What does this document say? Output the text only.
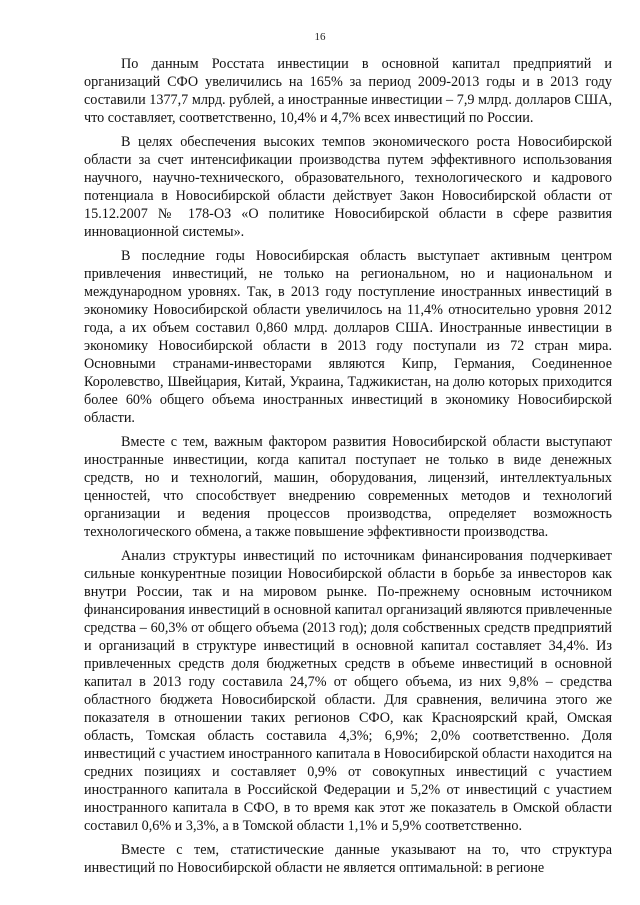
16

По данным Росстата инвестиции в основной капитал предприятий и организаций СФО увеличились на 165% за период 2009-2013 годы и в 2013 году составили 1377,7 млрд. рублей, а иностранные инвестиции – 7,9 млрд. долларов США, что составляет, соответственно, 10,4% и 4,7% всех инвестиций по России.

В целях обеспечения высоких темпов экономического роста Новосибирской области за счет интенсификации производства путем эффективного использования научного, научно-технического, образовательного, технологического и кадрового потенциала в Новосибирской области действует Закон Новосибирской области от 15.12.2007 № 178-ОЗ «О политике Новосибирской области в сфере развития инновационной системы».

В последние годы Новосибирская область выступает активным центром привлечения инвестиций, не только на региональном, но и национальном и международном уровнях. Так, в 2013 году поступление иностранных инвестиций в экономику Новосибирской области увеличилось на 11,4% относительно уровня 2012 года, а их объем составил 0,860 млрд. долларов США. Иностранные инвестиции в экономику Новосибирской области в 2013 году поступали из 72 стран мира. Основными странами-инвесторами являются Кипр, Германия, Соединенное Королевство, Швейцария, Китай, Украина, Таджикистан, на долю которых приходится более 60% общего объема иностранных инвестиций в экономику Новосибирской области.

Вместе с тем, важным фактором развития Новосибирской области выступают иностранные инвестиции, когда капитал поступает не только в виде денежных средств, но и технологий, машин, оборудования, лицензий, интеллектуальных ценностей, что способствует внедрению современных методов и технологий организации и ведения процессов производства, определяет возможность технологического обмена, а также повышение эффективности производства.

Анализ структуры инвестиций по источникам финансирования подчеркивает сильные конкурентные позиции Новосибирской области в борьбе за инвесторов как внутри России, так и на мировом рынке. По-прежнему основным источником финансирования инвестиций в основной капитал организаций являются привлеченные средства – 60,3% от общего объема (2013 год); доля собственных средств предприятий и организаций в структуре инвестиций в основной капитал составляет 34,4%. Из привлеченных средств доля бюджетных средств в объеме инвестиций в основной капитал в 2013 году составила 24,7% от общего объема, из них 9,8% – средства областного бюджета Новосибирской области. Для сравнения, величина этого же показателя в отношении таких регионов СФО, как Красноярский край, Омская область, Томская область составила 4,3%; 6,9%; 2,0% соответственно. Доля инвестиций с участием иностранного капитала в Новосибирской области находится на средних позициях и составляет 0,9% от совокупных инвестиций с участием иностранного капитала в Российской Федерации и 5,2% от инвестиций с участием иностранного капитала в СФО, в то время как этот же показатель в Омской области составил 0,6% и 3,3%, а в Томской области 1,1% и 5,9% соответственно.

Вместе с тем, статистические данные указывают на то, что структура инвестиций по Новосибирской области не является оптимальной: в регионе
